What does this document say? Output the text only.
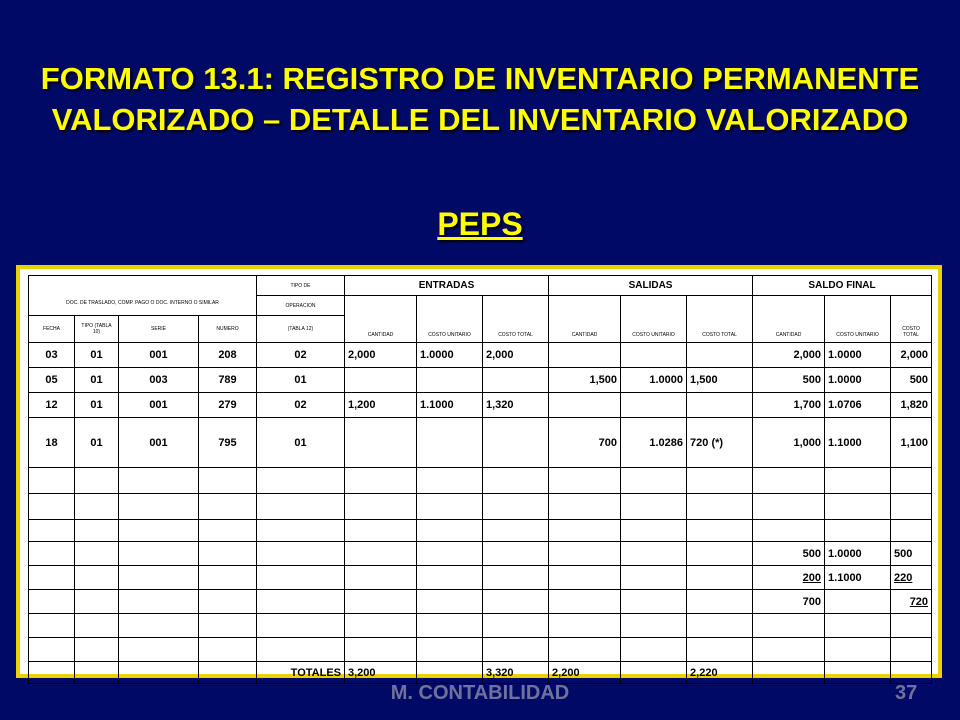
FORMATO 13.1: REGISTRO DE INVENTARIO PERMANENTE VALORIZADO – DETALLE DEL INVENTARIO VALORIZADO
PEPS
DOC. DE TRASLADO, COMP. PAGO O DOC. INTERNO O SIMILAR				TIPO DE	ENTRADAS			SALIDAS			SALDO FINAL		
				OPERACION	CANTIDAD	COSTO UNITARIO	COSTO TOTAL	CANTIDAD	COSTO UNITARIO	COSTO TOTAL	CANTIDAD	COSTO UNITARIO	COSTO TOTAL
FECHA	TIPO (TABLA 10)	SERIE	NUMERO	(TABLA 12)									
03	01	001	208	02	2,000	1.0000	2,000				2,000	1.0000	2,000
05	01	003	789	01				1,500	1.0000	1,500	500	1.0000	500
12	01	001	279	02	1,200	1.1000	1,320				1,700	1.0706	1,820
18	01	001	795	01				700	1.0286	720 (*)	1,000	1.1000	1,100

											500	1.0000	500
											200	1.1000	220
											700		720

				TOTALES	3,200		3,320	2,200		2,220			
M. CONTABILIDAD	37
